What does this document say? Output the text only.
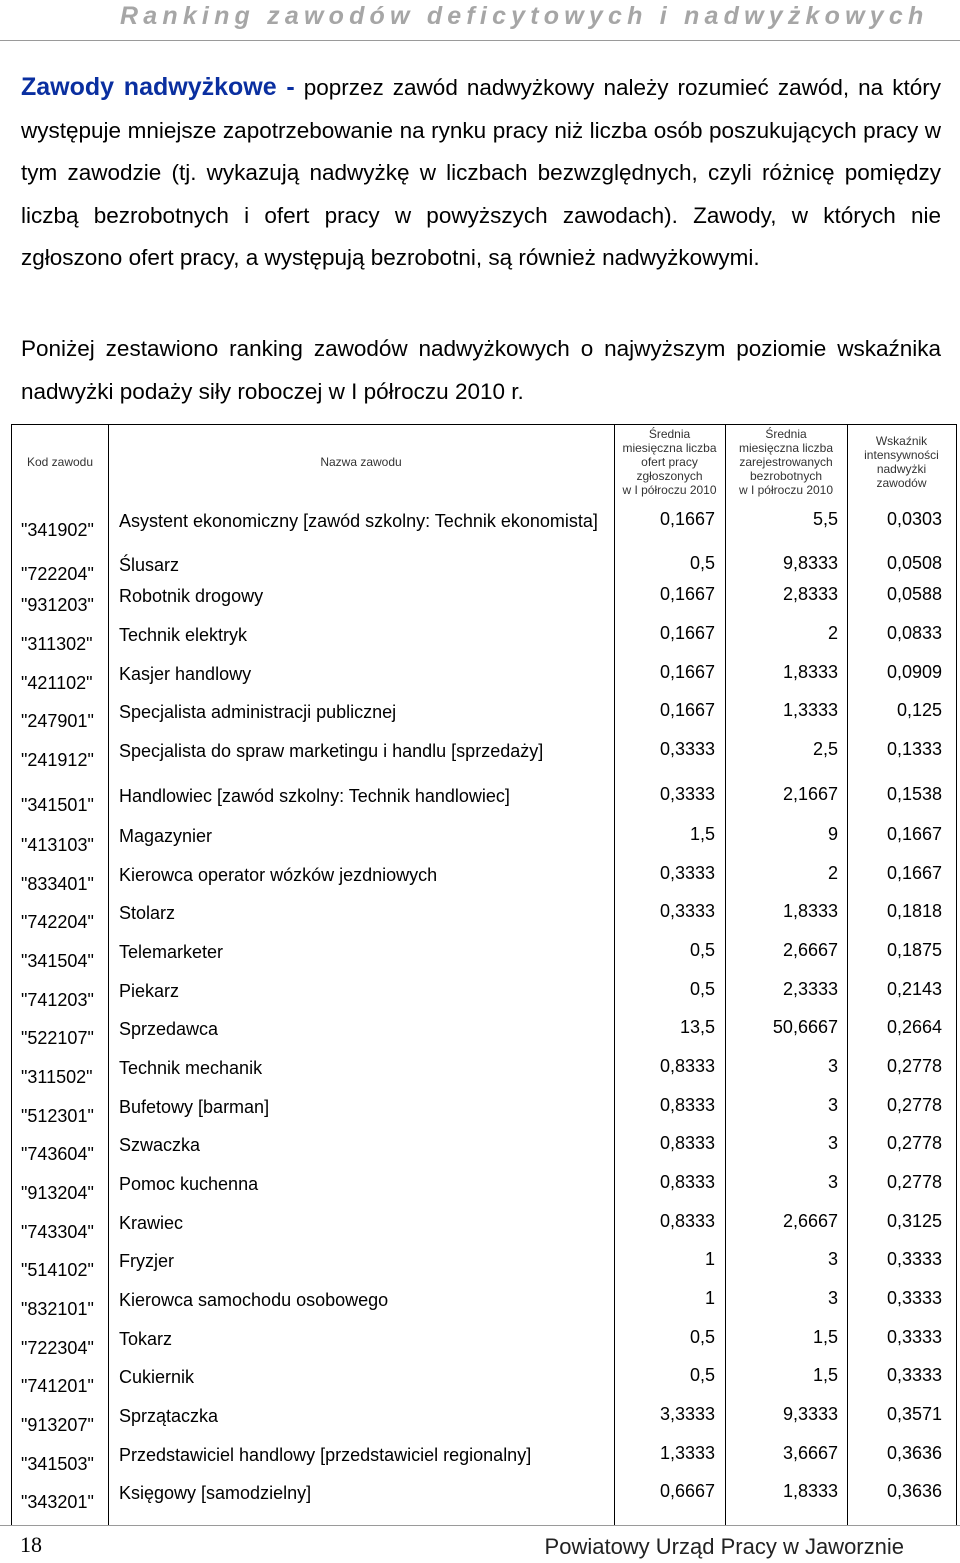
Ranking zawodów deficytowych i nadwyżkowych
Zawody nadwyżkowe - poprzez zawód nadwyżkowy należy rozumieć zawód, na który występuje mniejsze zapotrzebowanie na rynku pracy niż liczba osób poszukujących pracy w tym zawodzie (tj. wykazują nadwyżkę w liczbach bezwzględnych, czyli różnicę pomiędzy liczbą bezrobotnych i ofert pracy w powyższych zawodach). Zawody, w których nie zgłoszono ofert pracy, a występują bezrobotni, są również nadwyżkowymi.
Poniżej zestawiono ranking zawodów nadwyżkowych o najwyższym poziomie wskaźnika nadwyżki podaży siły roboczej w I półroczu 2010 r.
Kod zawodu	Nazwa zawodu
Średnia
miesięczna liczba
ofert pracy
zgłoszonych
w I półroczu 2010
Średnia
miesięczna liczba
zarejestrowanych
bezrobotnych
w I półroczu 2010
Wskaźnik
intensywności
nadwyżki
zawodów
"341902" Asystent ekonomiczny [zawód szkolny: Technik ekonomista]	0,1667	5,5	0,0303
"722204" Ślusarz	0,5	9,8333	0,0508
"931203" Robotnik drogowy	0,1667	2,8333	0,0588
"311302" Technik elektryk	0,1667	2	0,0833
"421102" Kasjer handlowy	0,1667	1,8333	0,0909
"247901" Specjalista administracji publicznej	0,1667	1,3333	0,125
"241912" Specjalista do spraw marketingu i handlu [sprzedaży]	0,3333	2,5	0,1333
"341501" Handlowiec [zawód szkolny: Technik handlowiec]	0,3333	2,1667	0,1538
"413103" Magazynier	1,5	9	0,1667
"833401" Kierowca operator wózków jezdniowych	0,3333	2	0,1667
"742204" Stolarz	0,3333	1,8333	0,1818
"341504" Telemarketer	0,5	2,6667	0,1875
"741203" Piekarz	0,5	2,3333	0,2143
"522107" Sprzedawca	13,5	50,6667	0,2664
"311502" Technik mechanik	0,8333	3	0,2778
"512301" Bufetowy [barman]	0,8333	3	0,2778
"743604" Szwaczka	0,8333	3	0,2778
"913204" Pomoc kuchenna	0,8333	3	0,2778
"743304" Krawiec	0,8333	2,6667	0,3125
"514102" Fryzjer	1	3	0,3333
"832101" Kierowca samochodu osobowego	1	3	0,3333
"722304" Tokarz	0,5	1,5	0,3333
"741201" Cukiernik	0,5	1,5	0,3333
"913207" Sprzątaczka	3,3333	9,3333	0,3571
"341503" Przedstawiciel handlowy [przedstawiciel regionalny]	1,3333	3,6667	0,3636
"343201" Księgowy [samodzielny]	0,6667	1,8333	0,3636
18	Powiatowy Urząd Pracy w Jaworznie
